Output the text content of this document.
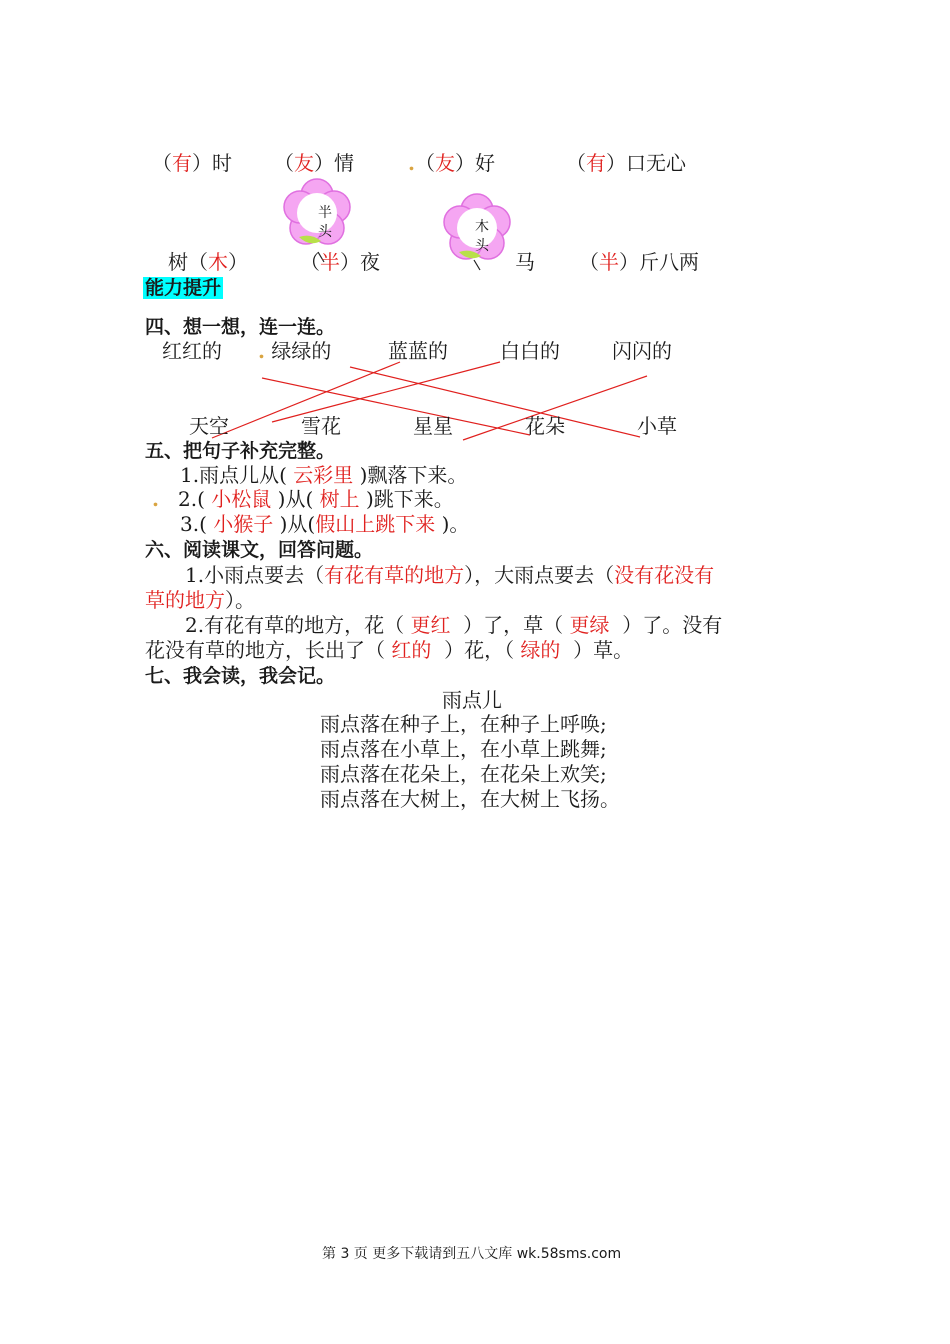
（有）时 （友）情	.（友）好	（有）口无心
半
头	木
头
树（木）	（半）夜	马 （半）斤八两
能力提升
四、想一想，连一连。
红红的 . 绿绿的	蓝蓝的	白白的	闪闪的
天空	雪花	星星	花朵	小草
五、把句子补充完整。
1.雨点儿从( 云彩里 )飘落下来。
. 2.( 小松鼠 )从( 树上 )跳下来。
3.( 小猴子 )从(假山上跳下来 )。
六、阅读课文，回答问题。
1.小雨点要去（有花有草的地方），大雨点要去（没有花没有
草的地方）。
2.有花有草的地方，花（ 更红 ）了，草（ 更绿 ）了。没有
花没有草的地方，长出了（ 红的 ）花，（ 绿的 ）草。
七、我会读，我会记。
雨点儿
雨点落在种子上，在种子上呼唤;
雨点落在小草上，在小草上跳舞;
雨点落在花朵上，在花朵上欢笑;
雨点落在大树上，在大树上飞扬。
第 3 页 更多下载请到五八文库 wk.58sms.com
